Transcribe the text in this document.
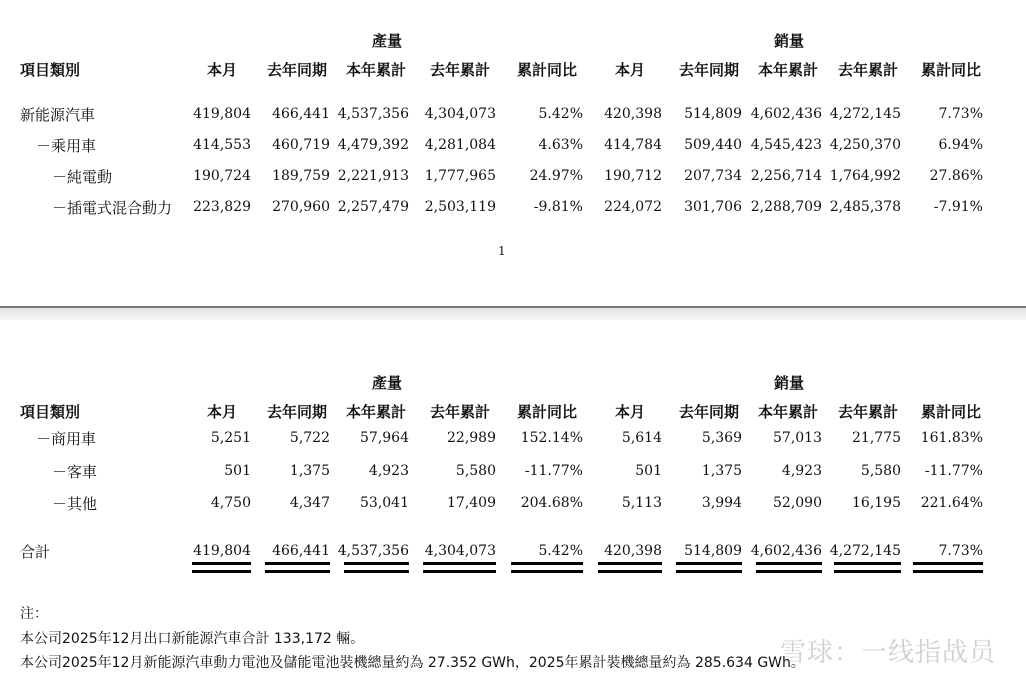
產量	銷量
項目類別	本月 去年同期 本年累計 去年累計 累計同比	本月 去年同期 本年累計 去年累計 累計同比
新能源汽車	419,804 466,441 4,537,356 4,304,073	5.42% 420,398 514,809 4,602,436 4,272,145	7.73%
－乘用車	414,553 460,719 4,479,392 4,281,084	4.63% 414,784 509,440 4,545,423 4,250,370	6.94%
－純電動	190,724 189,759 2,221,913 1,777,965 24.97% 190,712 207,734 2,256,714 1,764,992 27.86%
－插電式混合動力 223,829 270,960 2,257,479 2,503,119	-9.81% 224,072 301,706 2,288,709 2,485,378 -7.91%
1
產量	銷量
項目類別	本月 去年同期 本年累計 去年累計 累計同比	本月 去年同期 本年累計 去年累計 累計同比
－商用車	5,251	5,722 57,964	22,989 152.14%	5,614	5,369 57,013 21,775 161.83%
－客車	501	1,375	4,923	5,580 -11.77%	501	1,375	4,923	5,580 -11.77%
－其他	4,750	4,347 53,041	17,409 204.68%	5,113	3,994 52,090 16,195 221.64%
合計	419,804 466,441 4,537,356 4,304,073	5.42% 420,398 514,809 4,602,436 4,272,145	7.73%
注：
本公司2025年12月出口新能源汽車合計 133,172 輛。
本公司2025年12月新能源汽車動力電池及儲能電池裝機總量約為 27.352 GWh，2025年累計裝機總量約為 285.634 GWh。
雪球：一线指战员
